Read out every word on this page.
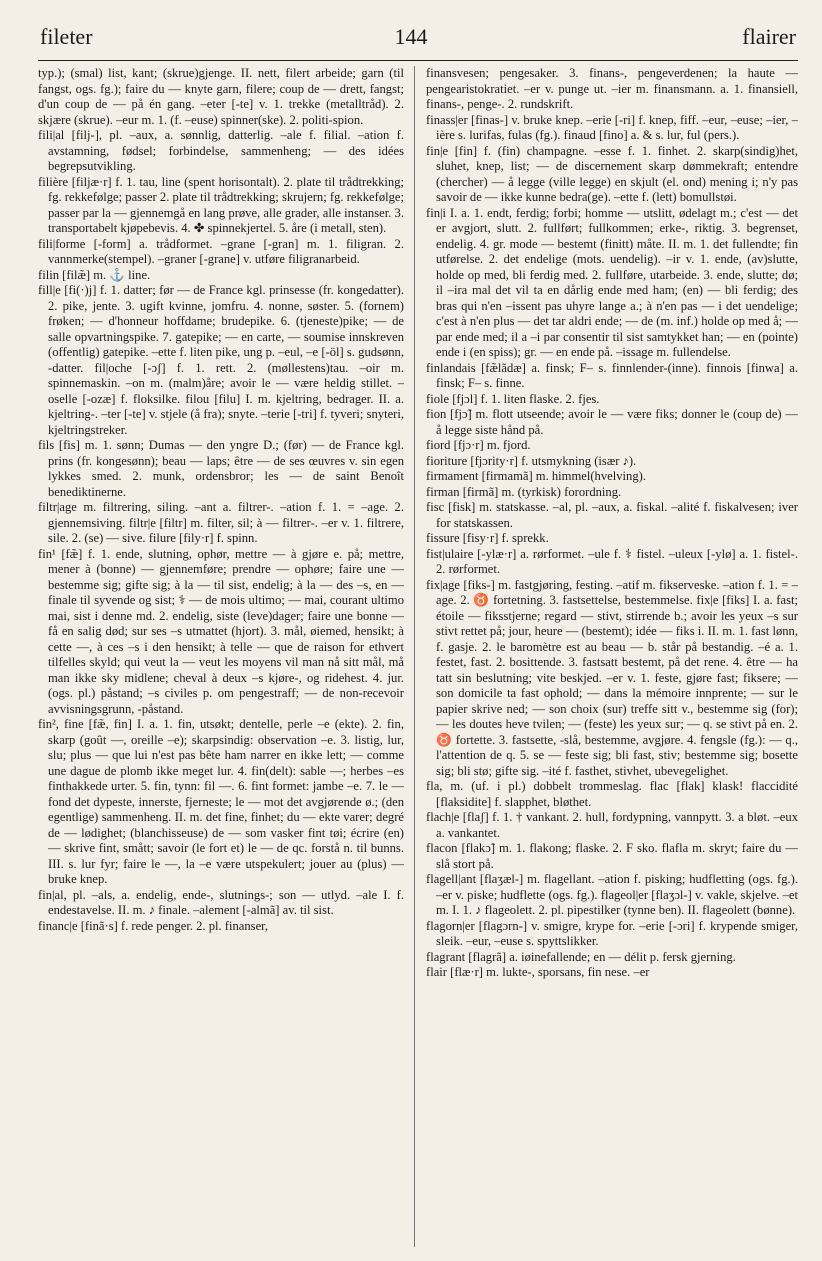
fileter	144	flairer

typ.); (smal) list, kant; (skrue)gjenge. II. nett, filert arbeide; garn (til fangst, ogs. fg.); faire du — knyte garn, filere; coup de — drett, fangst; d'un coup de — på én gang. –eter [-te] v. 1. trekke (metalltråd). 2. skjære (skrue). –eur m. 1. (f. –euse) spinner(ske). 2. politi-spion.

fili|al [filj-], pl. –aux, a. sønnlig, datterlig. –ale f. filial. –ation f. avstamning, fødsel; forbindelse, sammenheng; — des idées begrepsutvikling.

filière [filjæ·r] f. 1. tau, line (spent horisontalt). 2. plate til trådtrekking; fg. rekkefølge; passer 2. plate til trådtrekking; skrujern; fg. rekkefølge; passer par la — gjennemgå en lang prøve, alle grader, alle instanser. 3. transportabelt kjøpebevis. 4. ✤ spinnekjertel. 5. åre (i metall, sten).

fili|forme [-form] a. trådformet. –grane [-gran] m. 1. filigran. 2. vannmerke(stempel). –graner [-grane] v. utføre filigranarbeid.

filin [filæ̃] m. ⚓ line.

fill|e [fi(·)j] f. 1. datter; før — de France kgl. prinsesse (fr. kongedatter). 2. pike, jente. 3. ugift kvinne, jomfru. 4. nonne, søster. 5. (fornem) frøken; — d'honneur hoffdame; brudepike. 6. (tjeneste)pike; — de salle opvartningspike. 7. gatepike; — en carte, — soumise innskreven (offentlig) gatepike. –ette f. liten pike, ung p. –eul, –e [-öl] s. gudsønn, -datter. fil|oche [-ɔʃ] f. 1. rett. 2. (møllestens)tau. –oir m. spinnemaskin. –on m. (malm)åre; avoir le — være heldig stillet. –oselle [-ozæ] f. floksilke. filou [filu] I. m. kjeltring, bedrager. II. a. kjeltring-. –ter [-te] v. stjele (å fra); snyte. –terie [-tri] f. tyveri; snyteri, kjeltringstreker.

fils [fis] m. 1. sønn; Dumas — den yngre D.; (før) — de France kgl. prins (fr. kongesønn); beau — laps; être — de ses œuvres v. sin egen lykkes smed. 2. munk, ordensbror; les — de saint Benoît benediktinerne.

filtr|age m. filtrering, siling. –ant a. filtrer-. –ation f. 1. = –age. 2. gjennemsiving. filtr|e [filtr] m. filter, sil; à — filtrer-. –er v. 1. filtrere, sile. 2. (se) — sive. filure [fily·r] f. spinn.

fin¹ [fæ̃] f. 1. ende, slutning, ophør, mettre — à gjøre e. på; mettre, mener à (bonne) — gjennemføre; prendre — ophøre; faire une — bestemme sig; gifte sig; à la — til sist, endelig; à la — des –s, en — finale til syvende og sist; ⚕ — de mois ultimo; — mai, courant ultimo mai, sist i denne md. 2. endelig, siste (leve)dager; faire une bonne — få en salig død; sur ses –s utmattet (hjort). 3. mål, øiemed, hensikt; à cette —, à ces –s i den hensikt; à telle — que de raison for ethvert tilfelles skyld; qui veut la — veut les moyens vil man nå sitt mål, må man ikke sky midlene; cheval à deux –s kjøre-, og ridehest. 4. jur. (ogs. pl.) påstand; –s civiles p. om pengestraff; — de non-recevoir avvisningsgrunn, -påstand.

fin², fine [fæ̃, fin] I. a. 1. fin, utsøkt; dentelle, perle –e (ekte). 2. fin, skarp (goût —, oreille –e); skarpsindig: observation –e. 3. listig, lur, slu; plus — que lui n'est pas bête ham narrer en ikke lett; — comme une dague de plomb ikke meget lur. 4. fin(delt): sable —; herbes –es finthakkede urter. 5. fin, tynn: fil —. 6. fint formet: jambe –e. 7. le — fond det dypeste, innerste, fjerneste; le — mot det avgjørende ø.; (den egentlige) sammenheng. II. m. det fine, finhet; du — ekte varer; degré de — lødighet; (blanchisseuse) de — som vasker fint tøi; écrire (en) — skrive fint, smått; savoir (le fort et) le — de qc. forstå n. til bunns. III. s. lur fyr; faire le —, la –e være utspekulert; jouer au (plus) — bruke knep.

fin|al, pl. –als, a. endelig, ende-, slutnings-; son — utlyd. –ale I. f. endestavelse. II. m. ♪ finale. –alement [-almã] av. til sist.

financ|e [finã·s] f. rede penger. 2. pl. finanser,

finansvesen; pengesaker. 3. finans-, pengeverdenen; la haute — pengearistokratiet. –er v. punge ut. –ier m. finansmann. a. 1. finansiell, finans-, penge-. 2. rundskrift.

finass|er [finas-] v. bruke knep. –erie [-ri] f. knep, fiff. –eur, –euse; –ier, –ière s. lurifas, fulas (fg.). finaud [fino] a. & s. lur, ful (pers.).

fin|e [fin] f. (fin) champagne. –esse f. 1. finhet. 2. skarp(sindig)het, sluhet, knep, list; — de discernement skarp dømmekraft; entendre (chercher) — å legge (ville legge) en skjult (el. ond) mening i; n'y pas savoir de — ikke kunne bedra(ge). –ette f. (lett) bomullstøi.

fin|i I. a. 1. endt, ferdig; forbi; homme — utslitt, ødelagt m.; c'est — det er avgjort, slutt. 2. fullført; fullkommen; erke-, riktig. 3. begrenset, endelig. 4. gr. mode — bestemt (finitt) måte. II. m. 1. det fullendte; fin utførelse. 2. det endelige (mots. uendelig). –ir v. 1. ende, (av)slutte, holde op med, bli ferdig med. 2. fullføre, utarbeide. 3. ende, slutte; dø; il –ira mal det vil ta en dårlig ende med ham; (en) — bli ferdig; des bras qui n'en –issent pas uhyre lange a.; à n'en pas — i det uendelige; c'est à n'en plus — det tar aldri ende; — de (m. inf.) holde op med å; — par ende med; il a –i par consentir til sist samtykket han; — en (pointe) ende i (en spiss); gr. — en ende på. –issage m. fullendelse.

finlandais [fæ̃lãdæ] a. finsk; F– s. finnlender-(inne). finnois [finwa] a. finsk; F– s. finne.

fiole [fjɔl] f. 1. liten flaske. 2. fjes.

fion [fjɔ̃] m. flott utseende; avoir le — være fiks; donner le (coup de) — å legge siste hånd på.

fiord [fjɔ·r] m. fjord.

fioriture [fjɔrity·r] f. utsmykning (især ♪).

firmament [firmamã] m. himmel(hvelving).

firman [firmã] m. (tyrkisk) forordning.

fisc [fisk] m. statskasse. –al, pl. –aux, a. fiskal. –alité f. fiskalvesen; iver for statskassen.

fissure [fisy·r] f. sprekk.

fist|ulaire [-ylæ·r] a. rørformet. –ule f. ⚕ fistel. –uleux [-ylø] a. 1. fistel-. 2. rørformet.

fix|age [fiks-] m. fastgjøring, festing. –atif m. fikserveske. –ation f. 1. = –age. 2. ♉ fortetning. 3. fastsettelse, bestemmelse. fix|e [fiks] I. a. fast; étoile — fiksstjerne; regard — stivt, stirrende b.; avoir les yeux –s sur stivt rettet på; jour, heure — (bestemt); idée — fiks i. II. m. 1. fast lønn, f. gasje. 2. le baromètre est au beau — b. står på bestandig. –é a. 1. festet, fast. 2. bosittende. 3. fastsatt bestemt, på det rene. 4. être — ha tatt sin beslutning; vite beskjed. –er v. 1. feste, gjøre fast; fiksere; — son domicile ta fast ophold; — dans la mémoire innprente; — sur le papier skrive ned; — son choix (sur) treffe sitt v., bestemme sig (for); — les doutes heve tvilen; — (feste) les yeux sur; — q. se stivt på en. 2. ♉ fortette. 3. fastsette, -slå, bestemme, avgjøre. 4. fengsle (fg.): — q., l'attention de q. 5. se — feste sig; bli fast, stiv; bestemme sig; bosette sig; bli stø; gifte sig. –ité f. fasthet, stivhet, ubevegelighet.

fla, m. (uf. i pl.) dobbelt trommeslag. flac [flak] klask! flaccidité [flaksidite] f. slapphet, bløthet.

flach|e [flaʃ] f. 1. † vankant. 2. hull, fordypning, vannpytt. 3. a bløt. –eux a. vankantet.

flacon [flakɔ̃] m. 1. flakong; flaske. 2. F sko. flafla m. skryt; faire du — slå stort på.

flagell|ant [flaʒæl-] m. flagellant. –ation f. pisking; hudfletting (ogs. fg.). –er v. piske; hudflette (ogs. fg.). flageol|er [flaʒɔl-] v. vakle, skjelve. –et m. I. 1. ♪ flageolett. 2. pl. pipestilker (tynne ben). II. flageolett (bønne).

flagorn|er [flagɔrn-] v. smigre, krype for. –erie [-ɔri] f. krypende smiger, sleik. –eur, –euse s. spyttslikker.

flagrant [flagrã] a. iøinefallende; en — délit p. fersk gjerning.

flair [flæ·r] m. lukte-, sporsans, fin nese. –er
